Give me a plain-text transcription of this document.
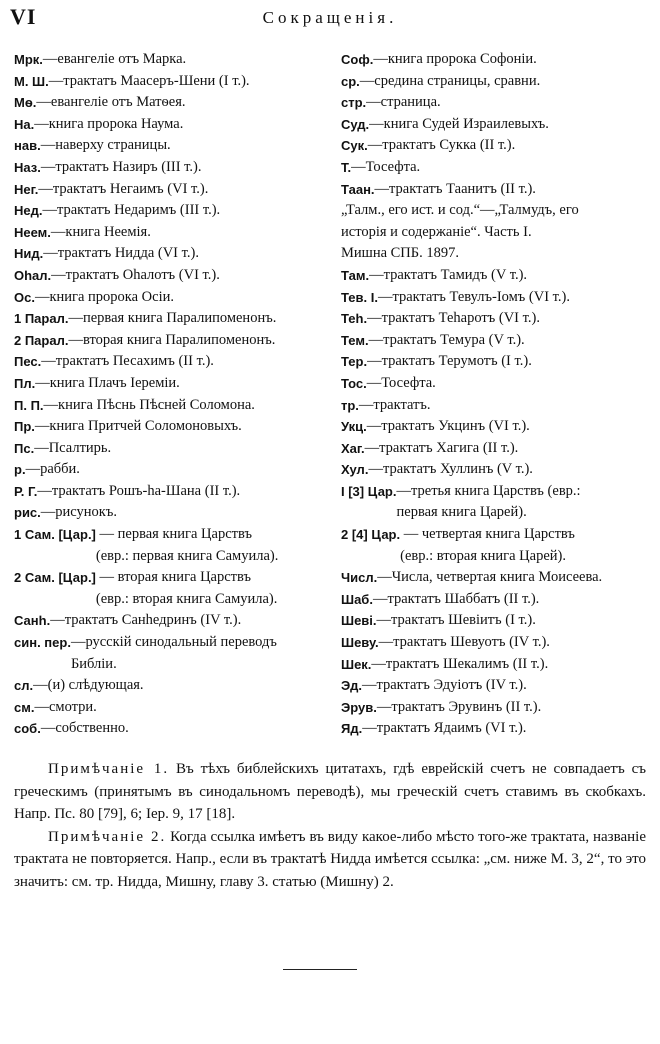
VI	Сокращенія.
Мрк. —евангеліе отъ Марка.
М. Ш. —трактатъ Маасеръ-Шени (I т.).
Мѳ. —евангеліе отъ Матѳея.
На. —книга пророка Наума.
нав. —наверху страницы.
Наз. —трактатъ Назиръ (III т.).
Нег. —трактатъ Негаимъ (VI т.).
Нед. —трактатъ Недаримъ (III т.).
Неем. —книга Неемія.
Нид. —трактатъ Нидда (VI т.).
Оһал. —трактатъ Оһалотъ (VI т.).
Ос. —книга пророка Осіи.
1 Парал. —первая книга Паралипоменонъ.
2 Парал. —вторая книга Паралипоменонъ.
Пес. —трактатъ Песахимъ (II т.).
Пл. —книга Плачъ Іереміи.
П. П. —книга Пѣснь Пѣсней Соломона.
Пр. —книга Притчей Соломоновыхъ.
Пс. —Псалтирь.
р. —рабби.
Р. Г. —трактатъ Рошъ-һа-Шана (II т.).
рис. —рисунокъ.
1 Сам. [Цар.] — первая книга Царствъ
(евр.: первая книга Самуила).
2 Сам. [Цар.] — вторая книга Царствъ
(евр.: вторая книга Самуила).
Санһ. —трактатъ Санһедринъ (IV т.).
син. пер. —русскій синодальный переводъ
Библіи.
сл. —(и) слѣдующая.
см. —смотри.
соб. —собственно.
Соф. —книга пророка Софоніи.
ср. —средина страницы, сравни.
стр. —страница.
Суд. —книга Судей Израилевыхъ.
Сук. —трактатъ Сукка (II т.).
Т. —Тосефта.
Таан. —трактатъ Таанитъ (II т.).
„Талм., его ист. и сод.“—„Талмудъ, его
исторія и содержаніе“. Часть I.
Мишна СПБ. 1897.
Там. —трактатъ Тамидъ (V т.).
Тев. I. —трактатъ Тевулъ-Іомъ (VI т.).
Теһ. —трактатъ Теһаротъ (VI т.).
Тем. —трактатъ Темура (V т.).
Тер. —трактатъ Терумотъ (I т.).
Тос. —Тосефта.
тр. —трактатъ.
Укц. —трактатъ Укцинъ (VI т.).
Хаг. —трактатъ Хагига (II т.).
Хул. —трактатъ Хуллинъ (V т.).
I [3] Цар. —третья книга Царствъ (евр.:
первая книга Царей).
2 [4] Цар. — четвертая книга Царствъ
(евр.: вторая книга Царей).
Числ. —Числа, четвертая книга Моисеева.
Шаб. —трактатъ Шаббатъ (II т.).
Шеві. —трактатъ Шевіитъ (I т.).
Шеву. —трактатъ Шевуотъ (IV т.).
Шек. —трактатъ Шекалимъ (II т.).
Эд. —трактатъ Эдуіотъ (IV т.).
Эрув. —трактатъ Эрувинъ (II т.).
Яд. —трактатъ Ядаимъ (VI т.).

Примѣчаніе 1. Въ тѣхъ библейскихъ цитатахъ, гдѣ еврейскій счетъ не совпадаетъ съ греческимъ (принятымъ въ синодальномъ переводѣ), мы греческій счетъ ставимъ въ скобкахъ. Напр. Пс. 80 [79], 6; Іер. 9, 17 [18].

Примѣчаніе 2. Когда ссылка имѣетъ въ виду какое-либо мѣсто того-же трактата, названіе трактата не повторяется. Напр., если въ трактатѣ Нидда имѣется ссылка: „см. ниже М. 3, 2“, то это значитъ: см. тр. Нидда, Мишну, главу 3. статью (Мишну) 2.
